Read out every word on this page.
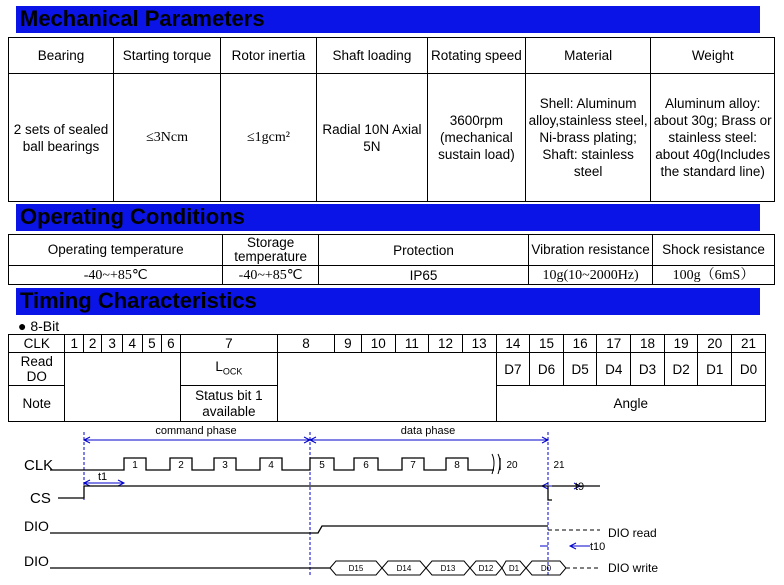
Mechanical Parameters
Bearing	Starting torque	Rotor inertia	Shaft loading	Rotating speed	Material	Weight
2 sets of sealed ball bearings	≤3Ncm	≤1gcm²	Radial 10N Axial 5N	3600rpm (mechanical sustain load)	Shell: Aluminum alloy,stainless steel, Ni-brass plating; Shaft: stainless steel	Aluminum alloy: about 30g; Brass or stainless steel: about 40g(Includes the standard line)
Operating Conditions
Operating temperature	Storage temperature	Protection	Vibration resistance	Shock resistance
-40~+85℃	-40~+85℃	IP65	10g(10~2000Hz)	100g（6mS）
Timing Characteristics
● 8-Bit
CLK	1	2	3	4	5	6	7	8	9	10	11	12	13	14	15	16	17	18	19	20	21
Read DO							$L_{OCK}$							D7	D6	D5	D4	D3	D2	D1	D0
Note							Status bit 1 available							Angle							
command phase	data phase
CLK
CS
DIO
DIO
t1
t9
t10
DIO read
DIO write
D15	D14	D13	D12 D1	D0
1	2	3	4	5	6	7	8	20	21
